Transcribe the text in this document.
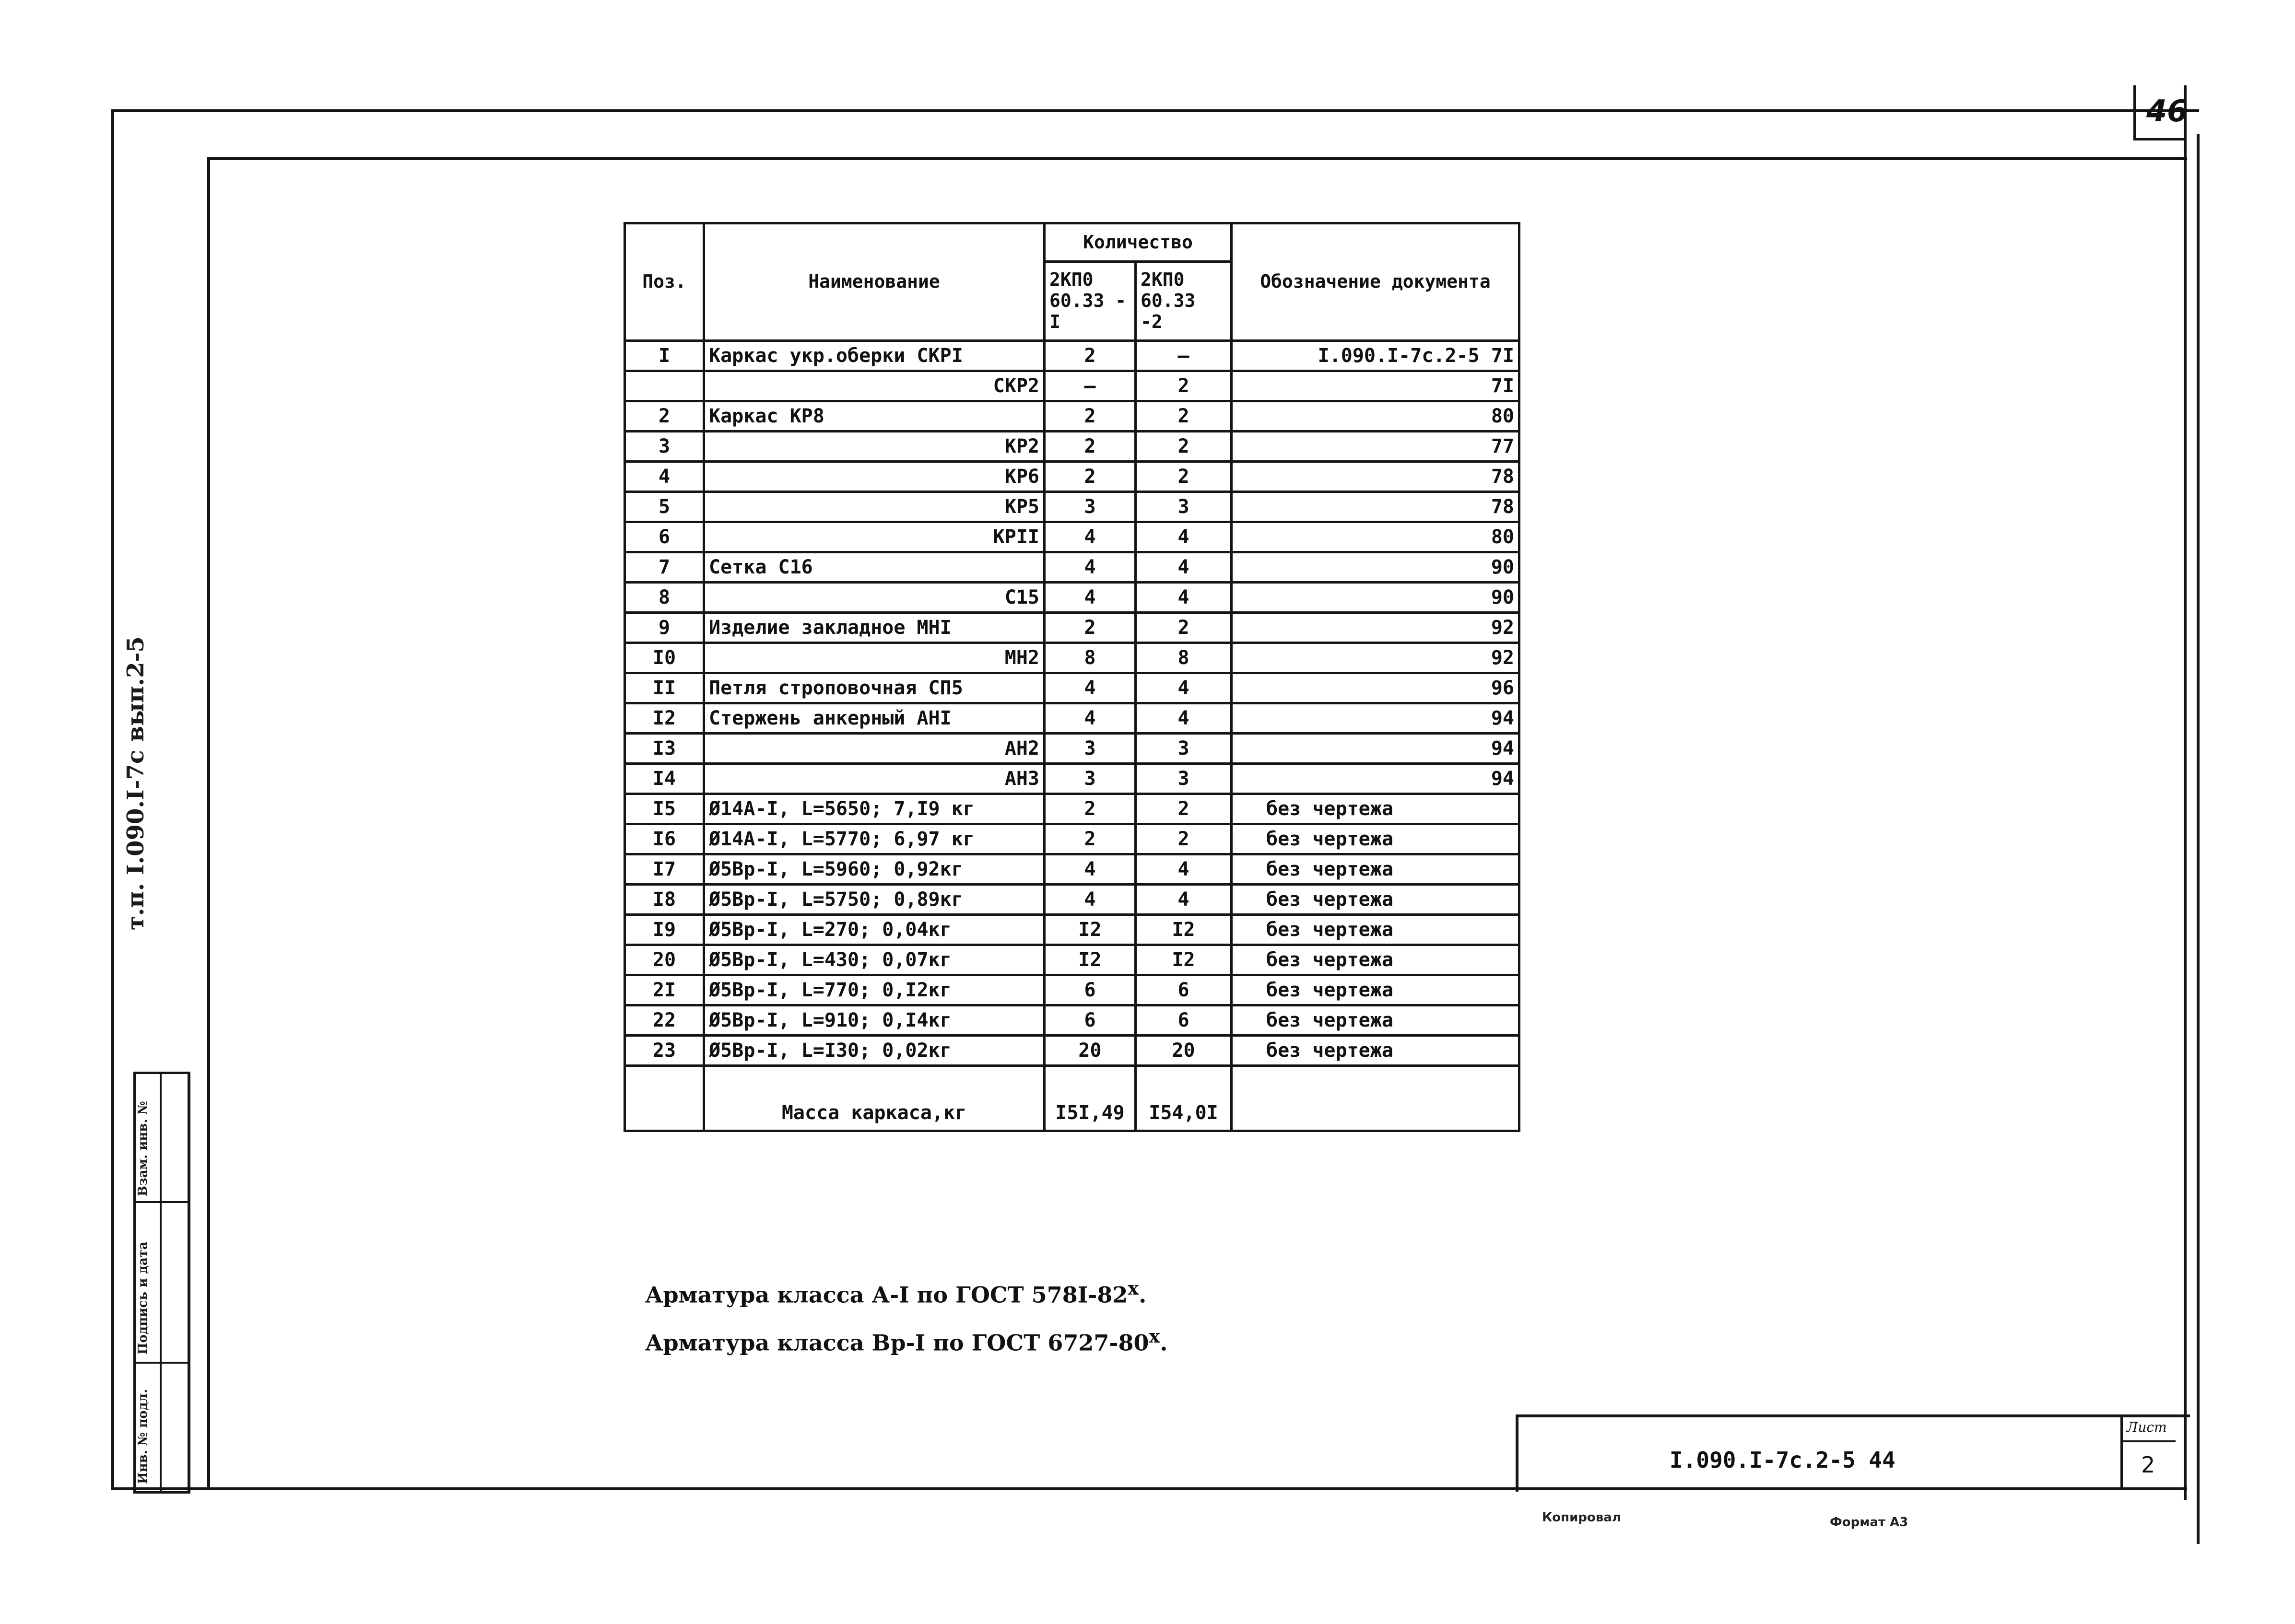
46
т.п. I.090.I-7с вып.2-5
Инв. № подл.
Подпись и дата
Взам. инв. №
Поз.	Наименование	Количество		Обозначение документа
		2КП0 60.33 -I	2КП0 60.33 -2	
I	Каркас укр.оберки СКРI	2	–	I.090.I-7с.2-5 7I
	СКР2	–	2	7I
2	Каркас КР8	2	2	80
3	КР2	2	2	77
4	КР6	2	2	78
5	КР5	3	3	78
6	КРII	4	4	80
7	Сетка С16	4	4	90
8	С15	4	4	90
9	Изделие закладное МНI	2	2	92
I0	МН2	8	8	92
II	Петля строповочная СП5	4	4	96
I2	Стержень анкерный АНI	4	4	94
I3	АН2	3	3	94
I4	АН3	3	3	94
I5	Ø14А-I, L=5650; 7,I9 кг	2	2	без чертежа
I6	Ø14А-I, L=5770; 6,97 кг	2	2	без чертежа
I7	Ø5Вр-I, L=5960; 0,92кг	4	4	без чертежа
I8	Ø5Вр-I, L=5750; 0,89кг	4	4	без чертежа
I9	Ø5Вр-I, L=270; 0,04кг	I2	I2	без чертежа
20	Ø5Вр-I, L=430; 0,07кг	I2	I2	без чертежа
2I	Ø5Вр-I, L=770; 0,I2кг	6	6	без чертежа
22	Ø5Вр-I, L=910; 0,I4кг	6	6	без чертежа
23	Ø5Вр-I, L=I30; 0,02кг	20	20	без чертежа
	Масса каркаса,кг	I5I,49	I54,0I	
Арматура класса А-I по ГОСТ $578I-82^х$.
Арматура класса Вр-I по ГОСТ $6727-80^х$.
I.090.I-7с.2-5 44
Лист
2
Копировал	Формат А3
